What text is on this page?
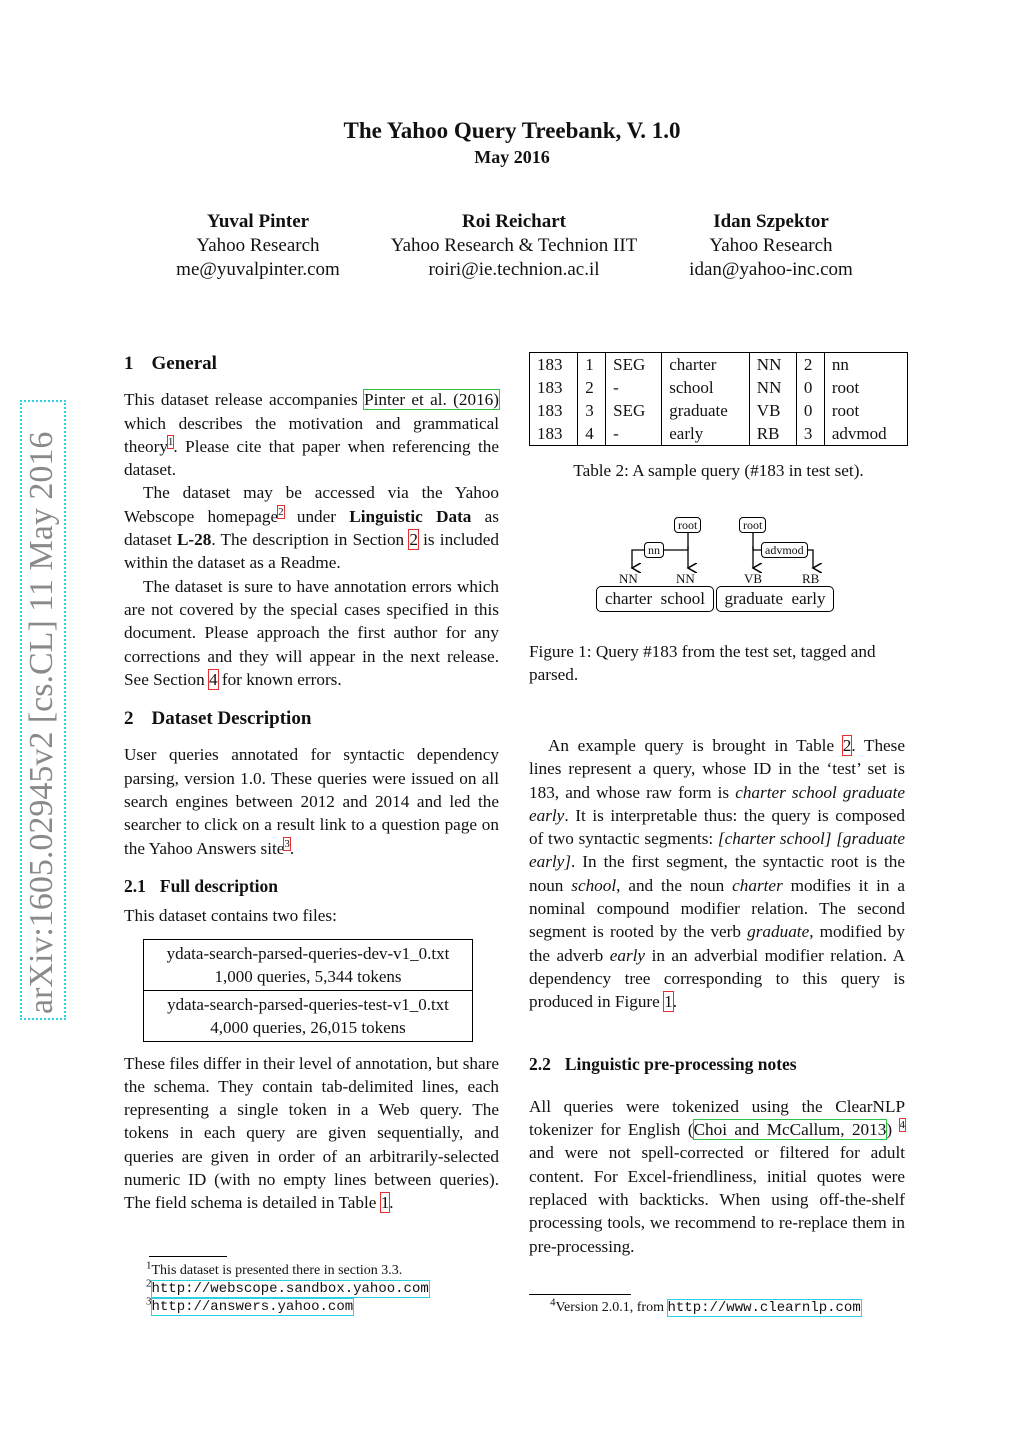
The Yahoo Query Treebank, V. 1.0
May 2016
Yuval Pinter
Yahoo Research
me@yuvalpinter.com
Roi Reichart
Yahoo Research & Technion IIT
roiri@ie.technion.ac.il
Idan Szpektor
Yahoo Research
idan@yahoo-inc.com
arXiv:1605.02945v2 [cs.CL] 11 May 2016
1 General

This dataset release accompanies Pinter et al. (2016) which describes the motivation and grammatical theory$^1$. Please cite that paper when referencing the dataset.

The dataset may be accessed via the Yahoo Webscope homepage$^2$ under Linguistic Data as dataset L-28. The description in Section 2 is included within the dataset as a Readme.

The dataset is sure to have annotation errors which are not covered by the special cases specified in this document. Please approach the first author for any corrections and they will appear in the next release. See Section 4 for known errors.

2 Dataset Description

User queries annotated for syntactic dependency parsing, version 1.0. These queries were issued on all search engines between 2012 and 2014 and led the searcher to click on a result link to a question page on the Yahoo Answers site$^3$.

2.1 Full description

This dataset contains two files:

ydata-search-parsed-queries-dev-v1_0.txt
1,000 queries, 5,344 tokens

ydata-search-parsed-queries-test-v1_0.txt
4,000 queries, 26,015 tokens

These files differ in their level of annotation, but share the schema. They contain tab-delimited lines, each representing a single token in a Web query. The tokens in each query are given sequentially, and queries are given in order of an arbitrarily-selected numeric ID (with no empty lines between queries). The field schema is detailed in Table 1.

$^1$This dataset is presented there in section 3.3.
$^2$http://webscope.sandbox.yahoo.com
$^3$http://answers.yahoo.com
183	1	SEG	charter	NN	2	nn
183	2	-	school	NN	0	root
183	3	SEG	graduate	VB	0	root
183	4	-	early	RB	3	advmod
Table 2: A sample query (#183 in test set).
root	root
nn	advmod
NN	NN	VB	RB
charter  school	graduate  early
Figure 1: Query #183 from the test set, tagged and parsed.

An example query is brought in Table 2. These lines represent a query, whose ID in the ‘test’ set is 183, and whose raw form is charter school graduate early. It is interpretable thus: the query is composed of two syntactic segments: [charter school] [graduate early]. In the first segment, the syntactic root is the noun school, and the noun charter modifies it in a nominal compound modifier relation. The second segment is rooted by the verb graduate, modified by the adverb early in an adverbial modifier relation. A dependency tree corresponding to this query is produced in Figure 1.

2.2 Linguistic pre-processing notes

All queries were tokenized using the ClearNLP tokenizer for English (Choi and McCallum, 2013) $^4$ and were not spell-corrected or filtered for adult content. For Excel-friendliness, initial quotes were replaced with backticks. When using off-the-shelf processing tools, we recommend to re-replace them in pre-processing.

$^4$Version 2.0.1, from http://www.clearnlp.com
